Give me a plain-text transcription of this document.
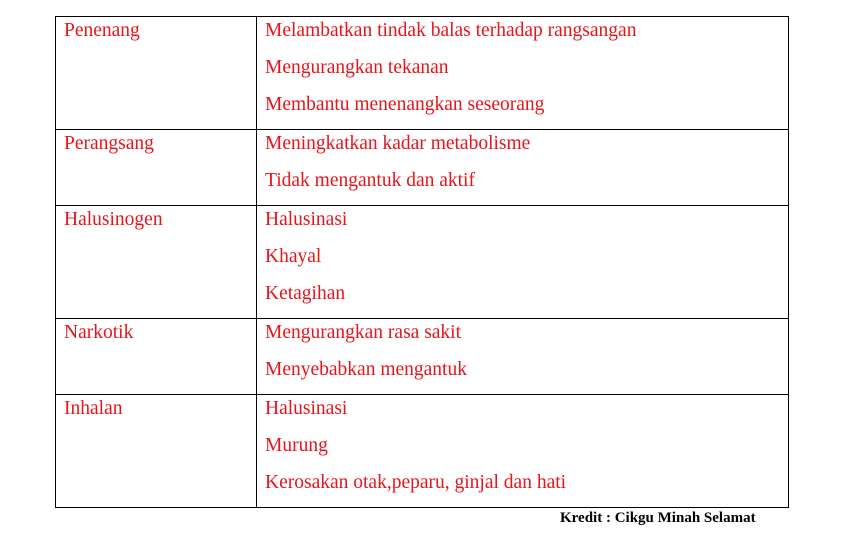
Penenang	Melambatkan tindak balas terhadap rangsangan
Mengurangkan tekanan
Membantu menenangkan seseorang

Perangsang	Meningkatkan kadar metabolisme
Tidak mengantuk dan aktif

Halusinogen	Halusinasi
Khayal
Ketagihan

Narkotik	Mengurangkan rasa sakit
Menyebabkan mengantuk

Inhalan	Halusinasi
Murung
Kerosakan otak,peparu, ginjal dan hati
Kredit : Cikgu Minah Selamat
